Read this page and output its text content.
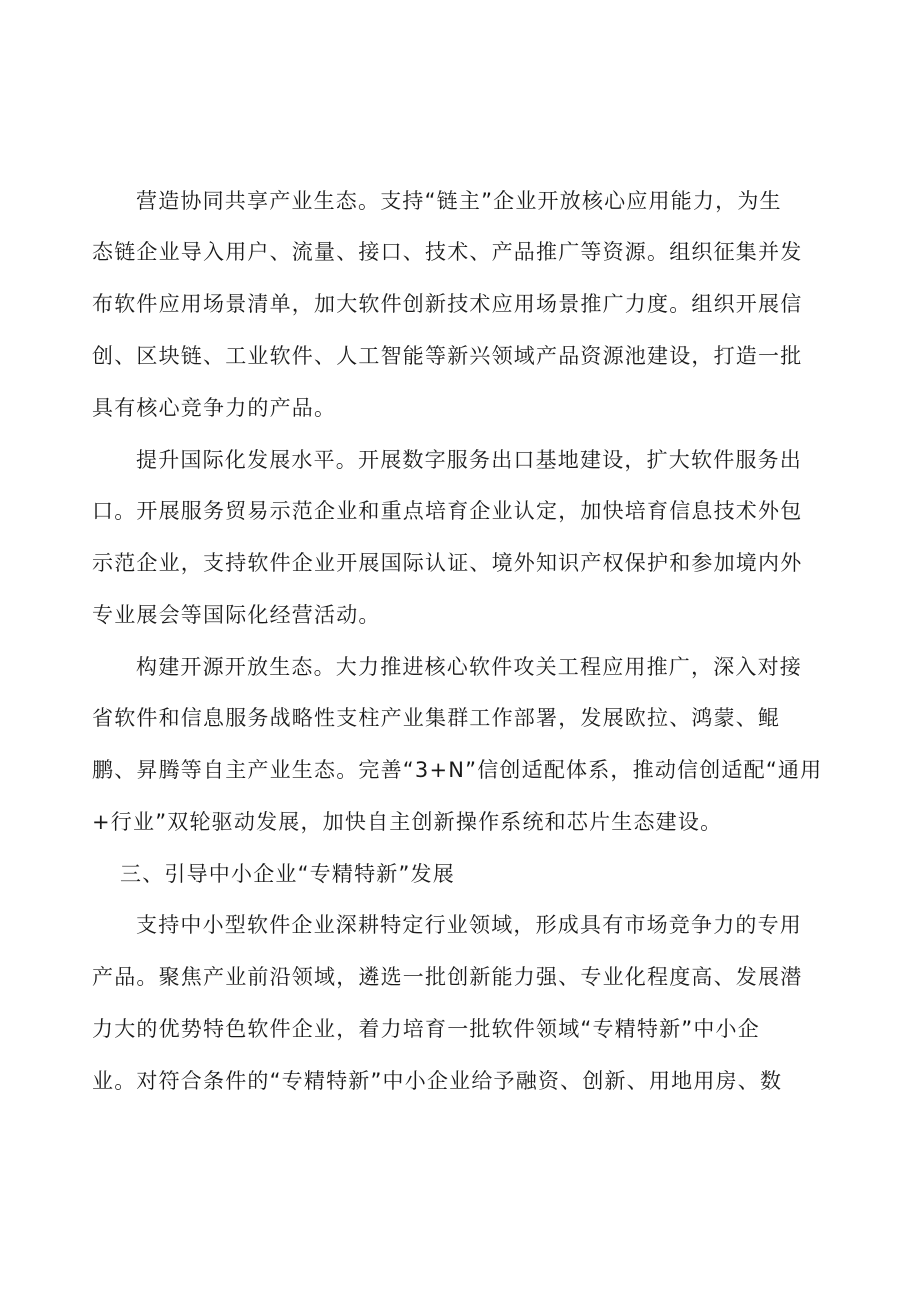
营造协同共享产业生态。支持“链主”企业开放核心应用能力，为生
态链企业导入用户、流量、接口、技术、产品推广等资源。组织征集并发
布软件应用场景清单，加大软件创新技术应用场景推广力度。组织开展信
创、区块链、工业软件、人工智能等新兴领域产品资源池建设，打造一批
具有核心竞争力的产品。
提升国际化发展水平。开展数字服务出口基地建设，扩大软件服务出
口。开展服务贸易示范企业和重点培育企业认定，加快培育信息技术外包
示范企业，支持软件企业开展国际认证、境外知识产权保护和参加境内外
专业展会等国际化经营活动。
构建开源开放生态。大力推进核心软件攻关工程应用推广，深入对接
省软件和信息服务战略性支柱产业集群工作部署，发展欧拉、鸿蒙、鲲
鹏、昇腾等自主产业生态。完善“3+N”信创适配体系，推动信创适配“通用
+行业”双轮驱动发展，加快自主创新操作系统和芯片生态建设。
三、引导中小企业“专精特新”发展
支持中小型软件企业深耕特定行业领域，形成具有市场竞争力的专用
产品。聚焦产业前沿领域，遴选一批创新能力强、专业化程度高、发展潜
力大的优势特色软件企业，着力培育一批软件领域“专精特新”中小企
业。对符合条件的“专精特新”中小企业给予融资、创新、用地用房、数
